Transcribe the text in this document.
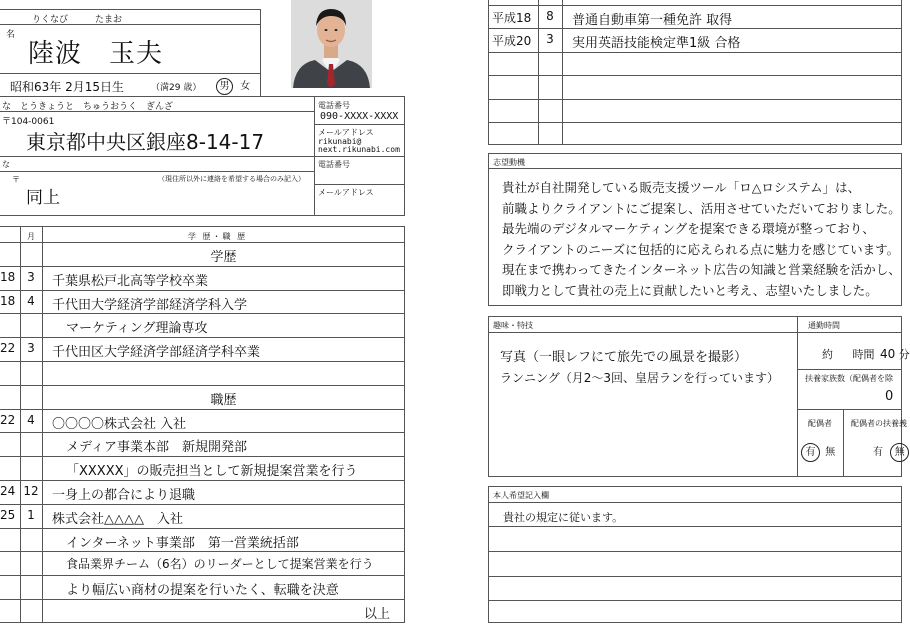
りくなび　　　たまお
名
陸波　玉夫
昭和63年 2月15日生	（満29 歳）	男 女
な　とうきょうと　ちゅうおうく　ぎんざ
〒104-0061
東京都中央区銀座8-14-17
電話番号
090-XXXX-XXXX
メールアドレス
rikunabi@
next.rikunabi.com
な
〒	（現住所以外に連絡を希望する場合のみ記入）
電話番号
メールアドレス
同上
月	学 歴・職 歴
学歴
18 3	千葉県松戸北高等学校卒業
18 4	千代田大学経済学部経済学科入学
マーケティング理論専攻
22 3	千代田区大学経済学部経済学科卒業
職歴
22 4	〇〇〇〇株式会社 入社
メディア事業本部　新規開発部
「XXXXX」の販売担当として新規提案営業を行う
24 12 一身上の都合により退職
25 1	株式会社△△△△　入社
インターネット事業部　第一営業統括部
食品業界チーム（6名）のリーダーとして提案営業を行う
より幅広い商材の提案を行いたく、転職を決意
以上
平成18	8	普通自動車第一種免許 取得
平成20	3	実用英語技能検定準1級 合格
志望動機
貴社が自社開発している販売支援ツール「ロ△ロシステム」は、
前職よりクライアントにご提案し、活用させていただいておりました。
最先端のデジタルマーケティングを提案できる環境が整っており、
クライアントのニーズに包括的に応えられる点に魅力を感じています。
現在まで携わってきたインターネット広告の知識と営業経験を活かし、
即戦力として貴社の売上に貢献したいと考え、志望いたしました。
趣味・特技
写真（一眼レフにて旅先での風景を撮影）
ランニング（月2〜3回、皇居ランを行っています）
通勤時間
約 時間 40 分
扶養家族数（配偶者を除
0
配偶者
有 無
配偶者の扶養義
有 無
本人希望記入欄
貴社の規定に従います。
